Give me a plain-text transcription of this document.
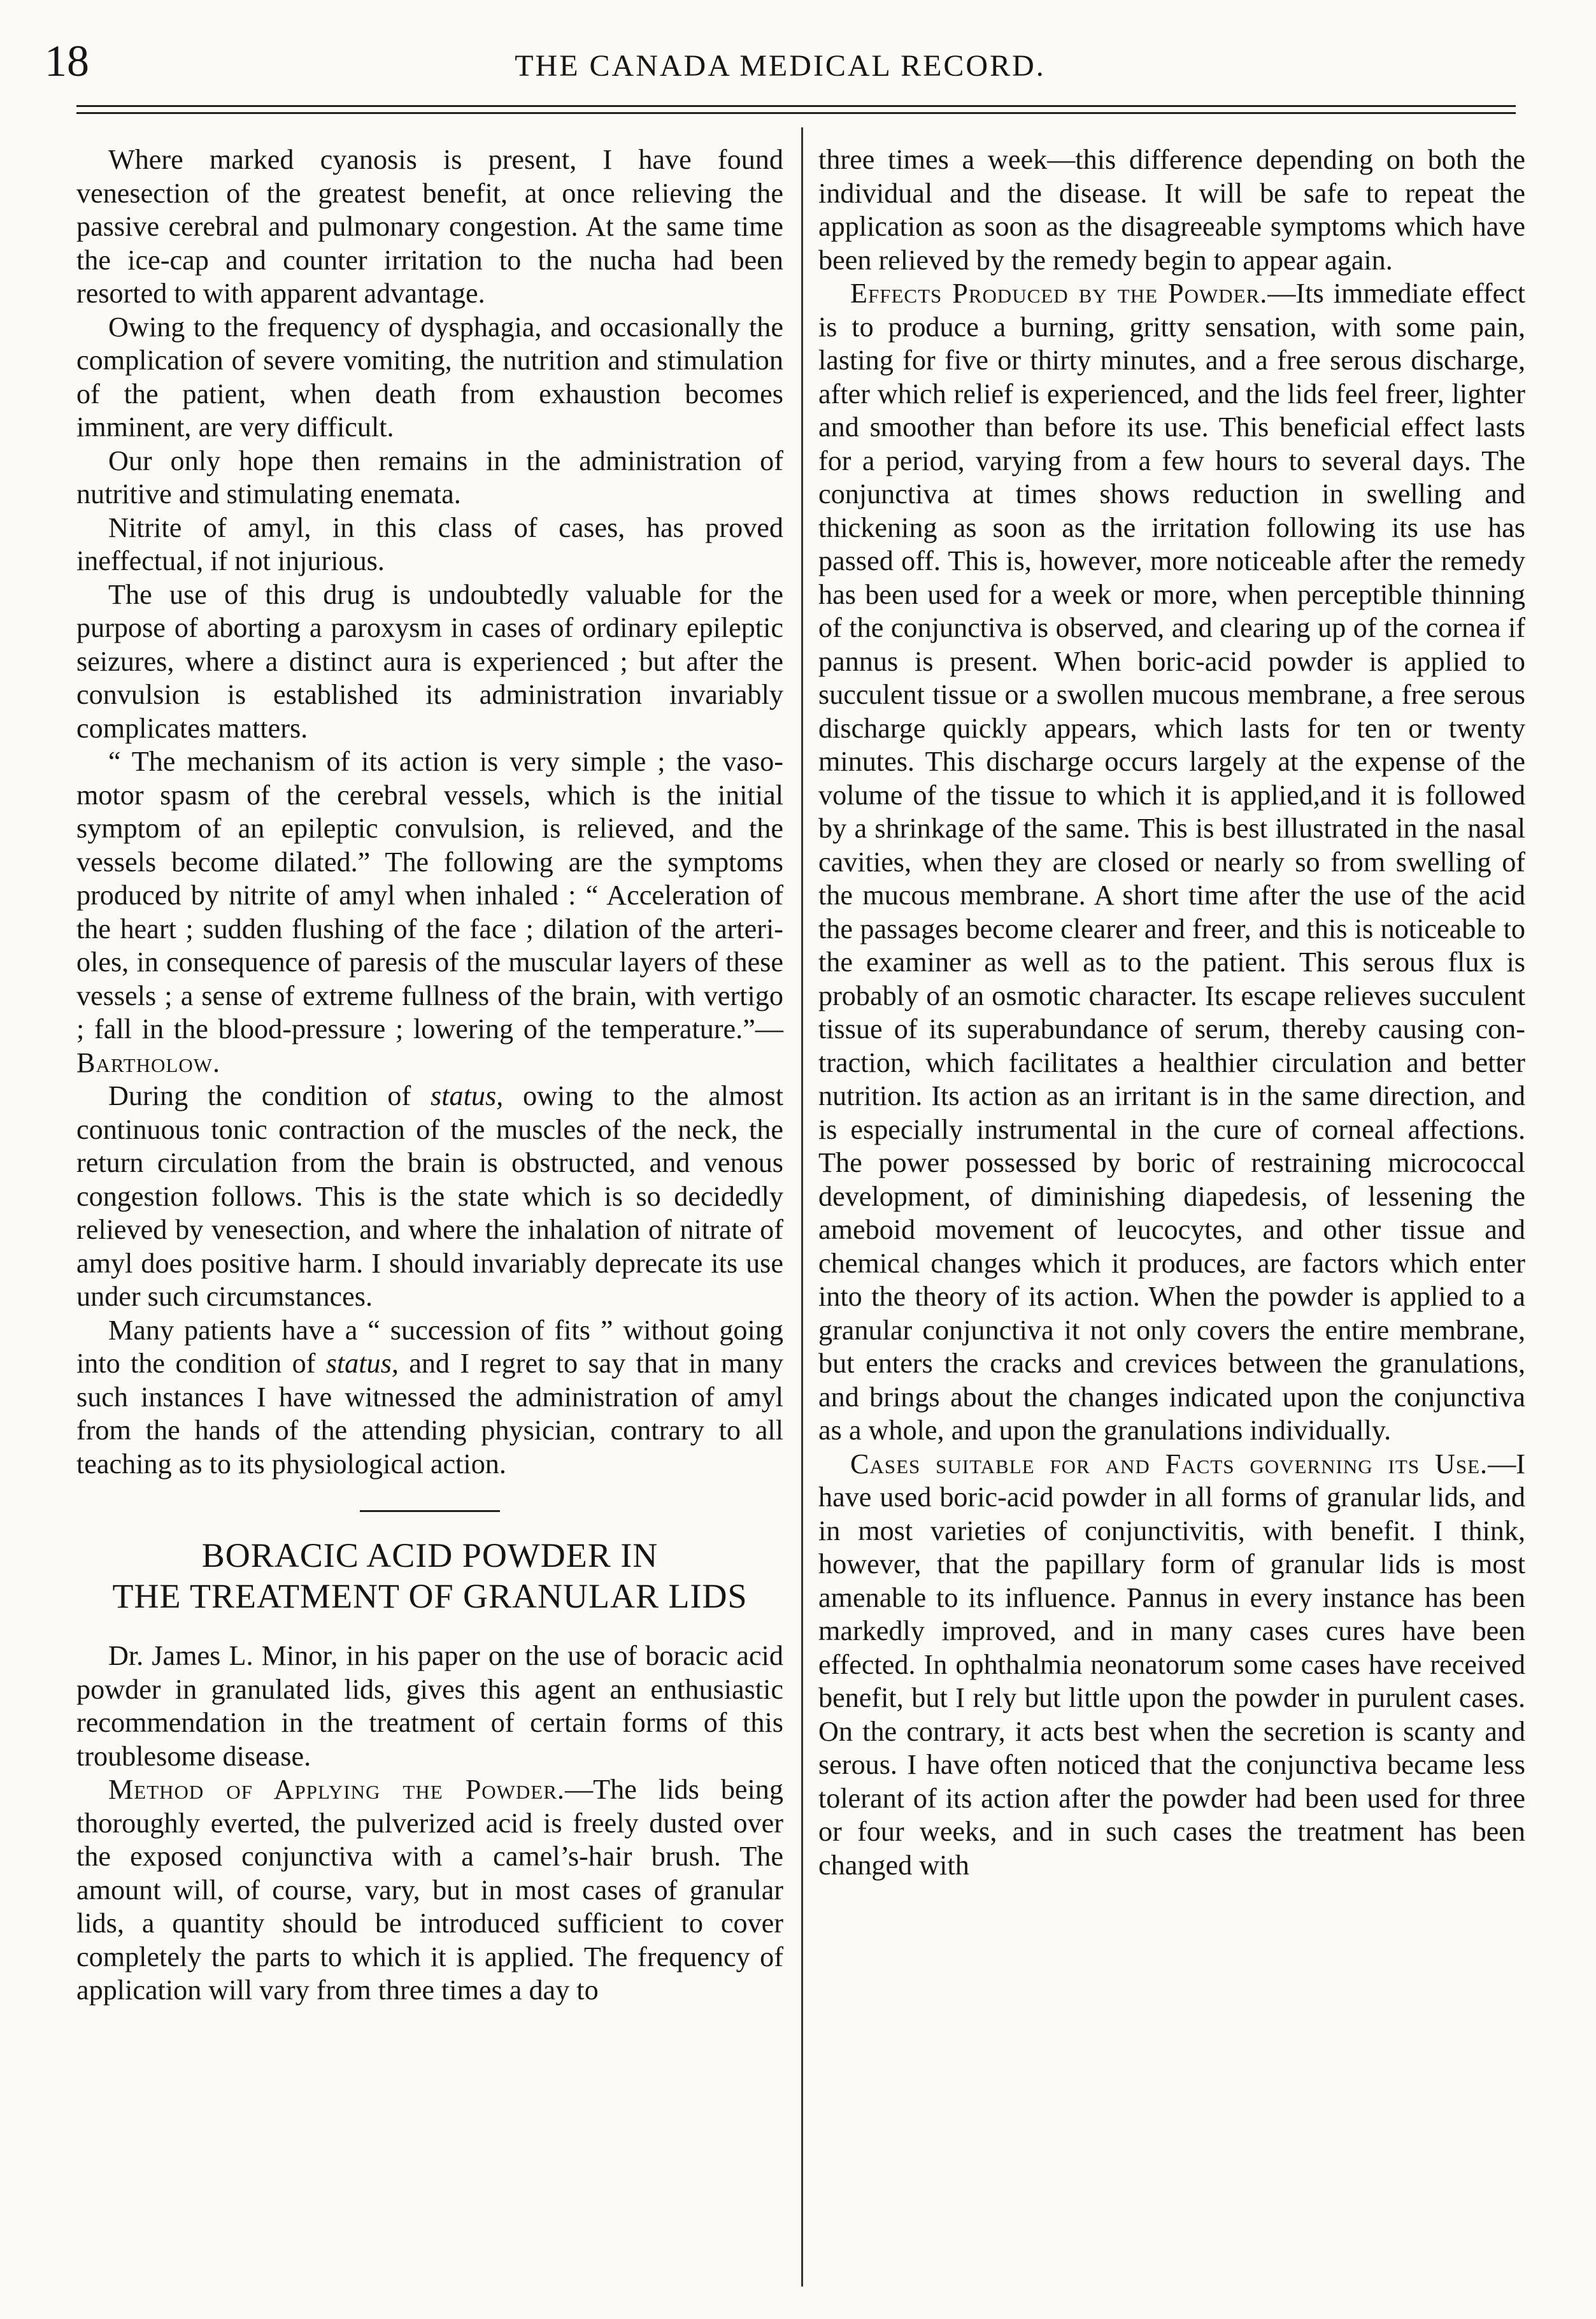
18	THE CANADA MEDICAL RECORD.

Where marked cyanosis is present, I have found venesection of the greatest benefit, at once relieving the passive cerebral and pulmonary congestion. At the same time the ice-cap and counter irritation to the nucha had been resorted to with apparent advantage.

Owing to the frequency of dysphagia, and occasionally the complication of severe vomiting, the nutrition and stimulation of the patient, when death from exhaustion becomes imminent, are very difficult.

Our only hope then remains in the administration of nutritive and stimulating enemata.

Nitrite of amyl, in this class of cases, has proved ineffectual, if not injurious.

The use of this drug is undoubtedly valuable for the purpose of aborting a paroxysm in cases of ordinary epileptic seizures, where a distinct aura is experienced ; but after the convulsion is established its administration invariably complicates matters.

“ The mechanism of its action is very simple ; the vaso-motor spasm of the cerebral vessels, which is the initial symptom of an epileptic convulsion, is relieved, and the vessels become dilated.” The following are the symptoms produced by nitrite of amyl when inhaled : “ Acceleration of the heart ; sudden flushing of the face ; dilation of the arterioles, in consequence of paresis of the muscular layers of these vessels ; a sense of extreme fullness of the brain, with vertigo ; fall in the blood-pressure ; lowering of the temperature.”—Bartholow.

During the condition of status, owing to the almost continuous tonic contraction of the muscles of the neck, the return circulation from the brain is obstructed, and venous congestion follows. This is the state which is so decidedly relieved by venesection, and where the inhalation of nitrate of amyl does positive harm. I should invariably deprecate its use under such circumstances.

Many patients have a “ succession of fits ” without going into the condition of status, and I regret to say that in many such instances I have witnessed the administration of amyl from the hands of the attending physician, contrary to all teaching as to its physiological action.

BORACIC ACID POWDER IN
THE TREATMENT OF GRANULAR LIDS

Dr. James L. Minor, in his paper on the use of boracic acid powder in granulated lids, gives this agent an enthusiastic recommendation in the treatment of certain forms of this troublesome disease.

Method of Applying the Powder.—The lids being thoroughly everted, the pulverized acid is freely dusted over the exposed conjunctiva with a camel’s-hair brush. The amount will, of course, vary, but in most cases of granular lids, a quantity should be introduced sufficient to cover completely the parts to which it is applied. The frequency of application will vary from three times a day to

three times a week—this difference depending on both the individual and the disease. It will be safe to repeat the application as soon as the disagreeable symptoms which have been relieved by the remedy begin to appear again.

Effects Produced by the Powder.—Its immediate effect is to produce a burning, gritty sensation, with some pain, lasting for five or thirty minutes, and a free serous discharge, after which relief is experienced, and the lids feel freer, lighter and smoother than before its use. This beneficial effect lasts for a period, varying from a few hours to several days. The conjunctiva at times shows reduction in swelling and thickening as soon as the irritation following its use has passed off. This is, however, more noticeable after the remedy has been used for a week or more, when perceptible thinning of the conjunctiva is observed, and clearing up of the cornea if pannus is present. When boric-acid powder is applied to succulent tissue or a swollen mucous membrane, a free serous discharge quickly appears, which lasts for ten or twenty minutes. This discharge occurs largely at the expense of the volume of the tissue to which it is applied,and it is followed by a shrinkage of the same. This is best illustrated in the nasal cavities, when they are closed or nearly so from swelling of the mucous membrane. A short time after the use of the acid the passages become clearer and freer, and this is noticeable to the examiner as well as to the patient. This serous flux is probably of an osmotic character. Its escape relieves succulent tissue of its superabundance of serum, thereby causing contraction, which facilitates a healthier circulation and better nutrition. Its action as an irritant is in the same direction, and is especially instrumental in the cure of corneal affections. The power possessed by boric of restraining micrococcal development, of diminishing diapedesis, of lessening the ameboid movement of leucocytes, and other tissue and chemical changes which it produces, are factors which enter into the theory of its action. When the powder is applied to a granular conjunctiva it not only covers the entire membrane, but enters the cracks and crevices between the granulations, and brings about the changes indicated upon the conjunctiva as a whole, and upon the granulations individually.

Cases suitable for and Facts governing its Use.—I have used boric-acid powder in all forms of granular lids, and in most varieties of conjunctivitis, with benefit. I think, however, that the papillary form of granular lids is most amenable to its influence. Pannus in every instance has been markedly improved, and in many cases cures have been effected. In ophthalmia neonatorum some cases have received benefit, but I rely but little upon the powder in purulent cases. On the contrary, it acts best when the secretion is scanty and serous. I have often noticed that the conjunctiva became less tolerant of its action after the powder had been used for three or four weeks, and in such cases the treatment has been changed with
